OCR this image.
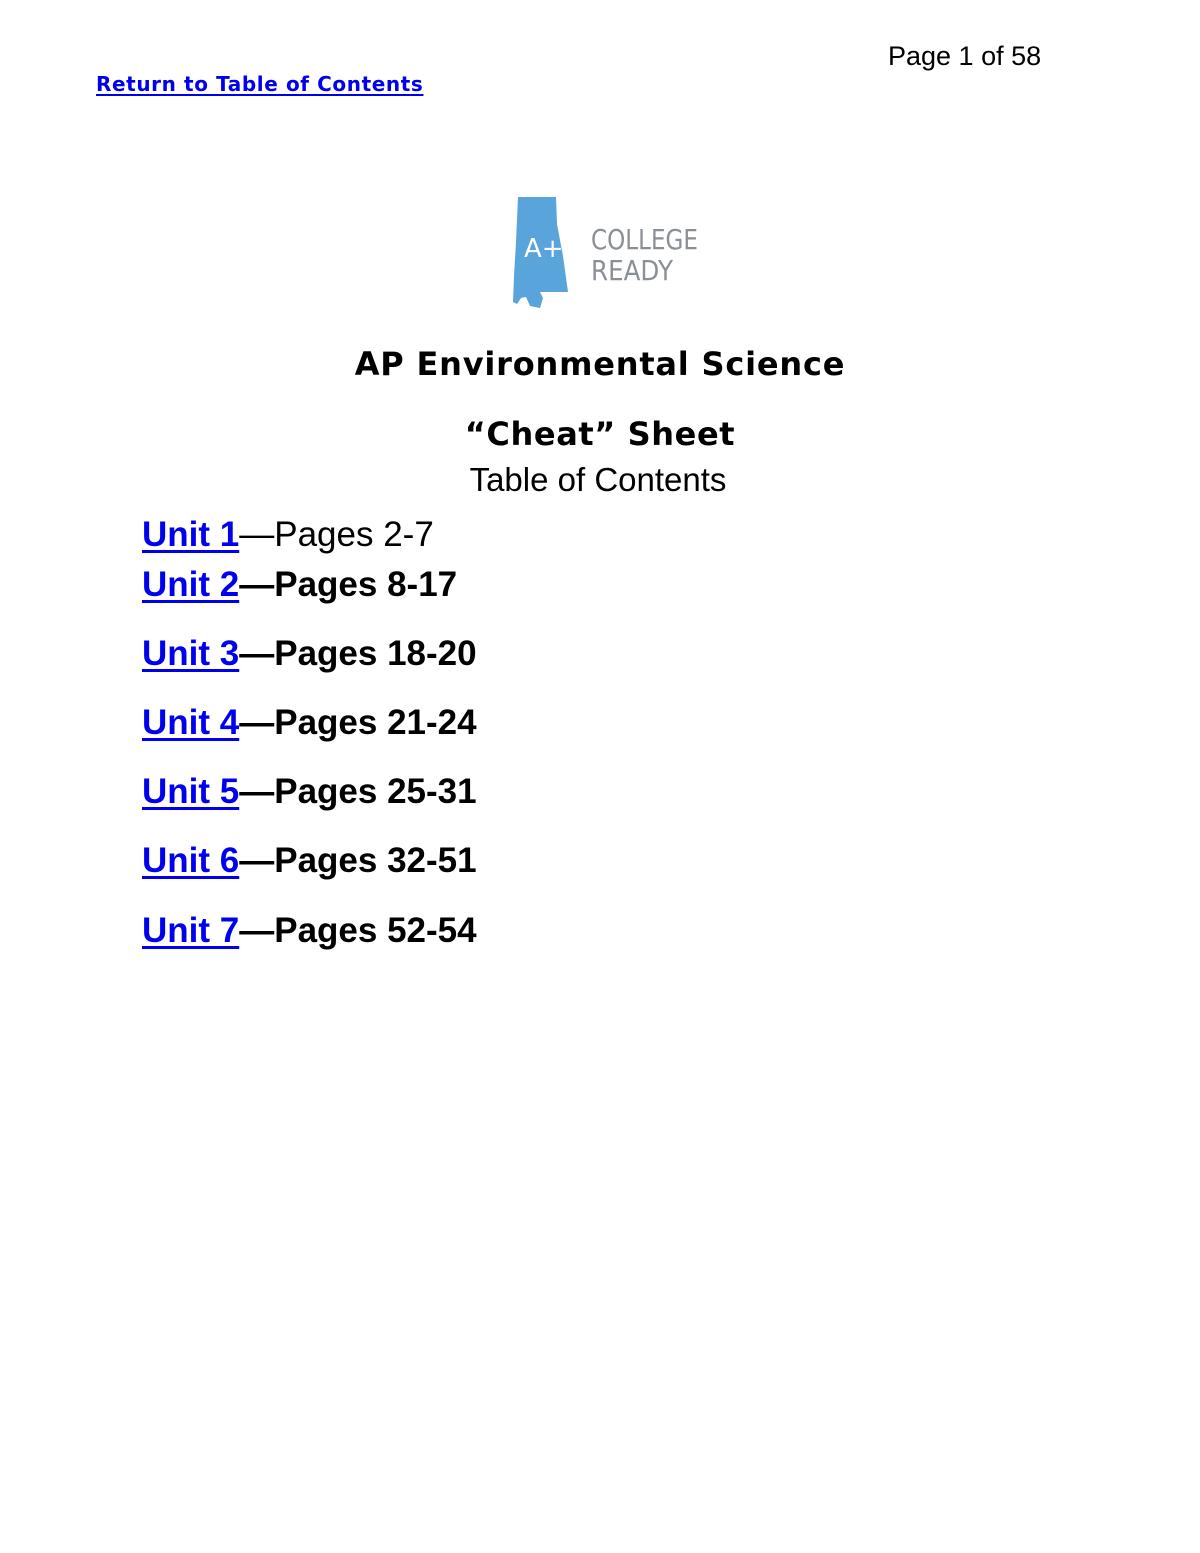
Page 1 of 58
Return to Table of Contents
A+ COLLEGE
READY
AP Environmental Science
“Cheat” Sheet
Table of Contents
Unit 1—Pages 2-7
Unit 2—Pages 8-17
Unit 3—Pages 18-20
Unit 4—Pages 21-24
Unit 5—Pages 25-31
Unit 6—Pages 32-51
Unit 7—Pages 52-54
